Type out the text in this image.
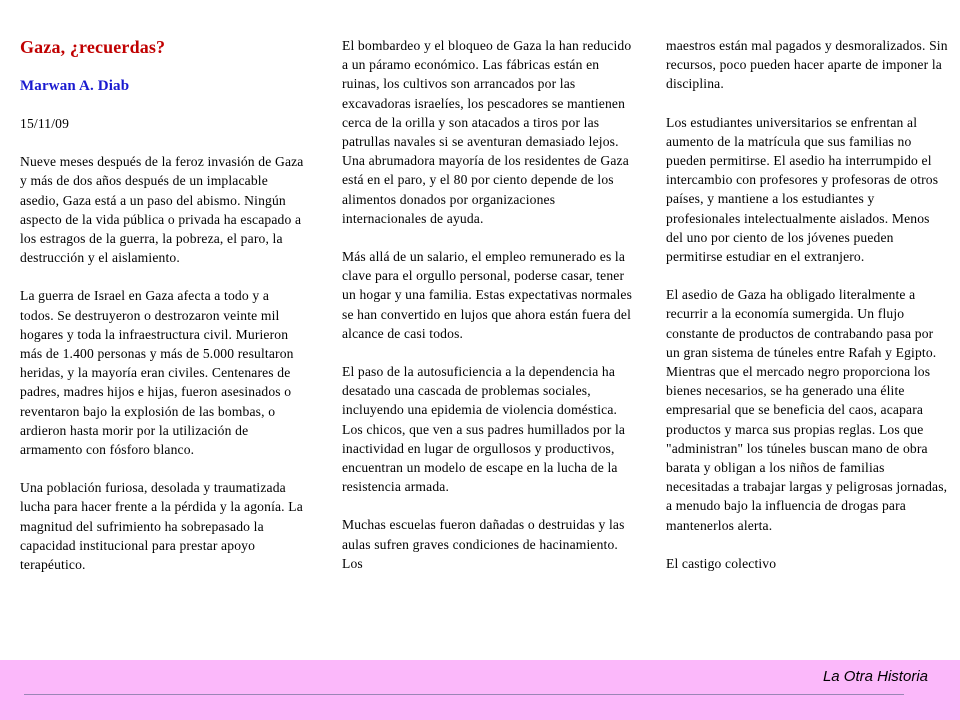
Gaza, ¿recuerdas?

Marwan A. Diab

15/11/09

Nueve meses después de la feroz invasión de Gaza y más de dos años después de un implacable asedio, Gaza está a un paso del abismo. Ningún aspecto de la vida pública o privada ha escapado a los estragos de la guerra, la pobreza, el paro, la destrucción y el aislamiento.

La guerra de Israel en Gaza afecta a todo y a todos. Se destruyeron o destrozaron veinte mil hogares y toda la infraestructura civil. Murieron más de 1.400 personas y más de 5.000 resultaron heridas, y la mayoría eran civiles. Centenares de padres, madres hijos e hijas, fueron asesinados o reventaron bajo la explosión de las bombas, o ardieron hasta morir por la utilización de armamento con fósforo blanco.

Una población furiosa, desolada y traumatizada lucha para hacer frente a la pérdida y la agonía. La magnitud del sufrimiento ha sobrepasado la capacidad institucional para prestar apoyo terapéutico.

El bombardeo y el bloqueo de Gaza la han reducido a un páramo económico. Las fábricas están en ruinas, los cultivos son arrancados por las excavadoras israelíes, los pescadores se mantienen cerca de la orilla y son atacados a tiros por las patrullas navales si se aventuran demasiado lejos. Una abrumadora mayoría de los residentes de Gaza está en el paro, y el 80 por ciento depende de los alimentos donados por organizaciones internacionales de ayuda.

Más allá de un salario, el empleo remunerado es la clave para el orgullo personal, poderse casar, tener un hogar y una familia. Estas expectativas normales se han convertido en lujos que ahora están fuera del alcance de casi todos.

El paso de la autosuficiencia a la dependencia ha desatado una cascada de problemas sociales, incluyendo una epidemia de violencia doméstica. Los chicos, que ven a sus padres humillados por la inactividad en lugar de orgullosos y productivos, encuentran un modelo de escape en la lucha de la resistencia armada.

Muchas escuelas fueron dañadas o destruidas y las aulas sufren graves condiciones de hacinamiento. Los

maestros están mal pagados y desmoralizados. Sin recursos, poco pueden hacer aparte de imponer la disciplina.

Los estudiantes universitarios se enfrentan al aumento de la matrícula que sus familias no pueden permitirse. El asedio ha interrumpido el intercambio con profesores y profesoras de otros países, y mantiene a los estudiantes y profesionales intelectualmente aislados. Menos del uno por ciento de los jóvenes pueden permitirse estudiar en el extranjero.

El asedio de Gaza ha obligado literalmente a recurrir a la economía sumergida. Un flujo constante de productos de contrabando pasa por un gran sistema de túneles entre Rafah y Egipto. Mientras que el mercado negro proporciona los bienes necesarios, se ha generado una élite empresarial que se beneficia del caos, acapara productos y marca sus propias reglas. Los que "administran" los túneles buscan mano de obra barata y obligan a los niños de familias necesitadas a trabajar largas y peligrosas jornadas, a menudo bajo la influencia de drogas para mantenerlos alerta.

El castigo colectivo

La Otra Historia
